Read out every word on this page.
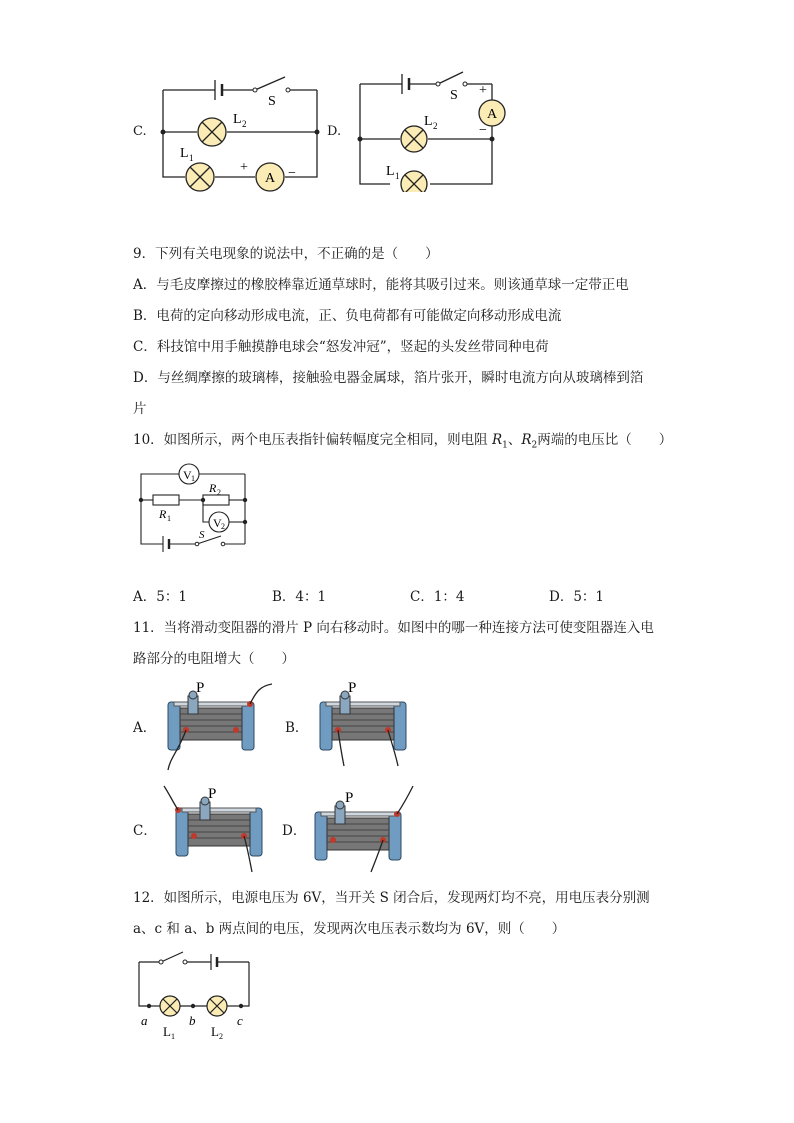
C.
A
S
L 2
L 1
+	−
D.
A
S
L 2
L 1
+
−
9．下列有关电现象的说法中，不正确的是（　　）
A．与毛皮摩擦过的橡胶棒靠近通草球时，能将其吸引过来。则该通草球一定带正电
B．电荷的定向移动形成电流，正、负电荷都有可能做定向移动形成电流
C．科技馆中用手触摸静电球会“怒发冲冠”，竖起的头发丝带同种电荷
D．与丝绸摩擦的玻璃棒，接触验电器金属球，箔片张开，瞬时电流方向从玻璃棒到箔
片
10．如图所示，两个电压表指针偏转幅度完全相同，则电阻 $R_1$、$R_2$两端的电压比（　　）
V 1
V 2
R 1
R 2
S
A．5：1	B．4：1	C．1：4	D．5：1
11．当将滑动变阻器的滑片 P 向右移动时。如图中的哪一种连接方法可使变阻器连入电
路部分的电阻增大（　　）
A．	B．
C．	D．
P	P
P	P
12．如图所示，电源电压为 6V，当开关 S 闭合后，发现两灯均不亮，用电压表分别测
a、c 和 a、b 两点间的电压，发现两次电压表示数均为 6V，则（　　）
a	b	c
L 1	L 2
